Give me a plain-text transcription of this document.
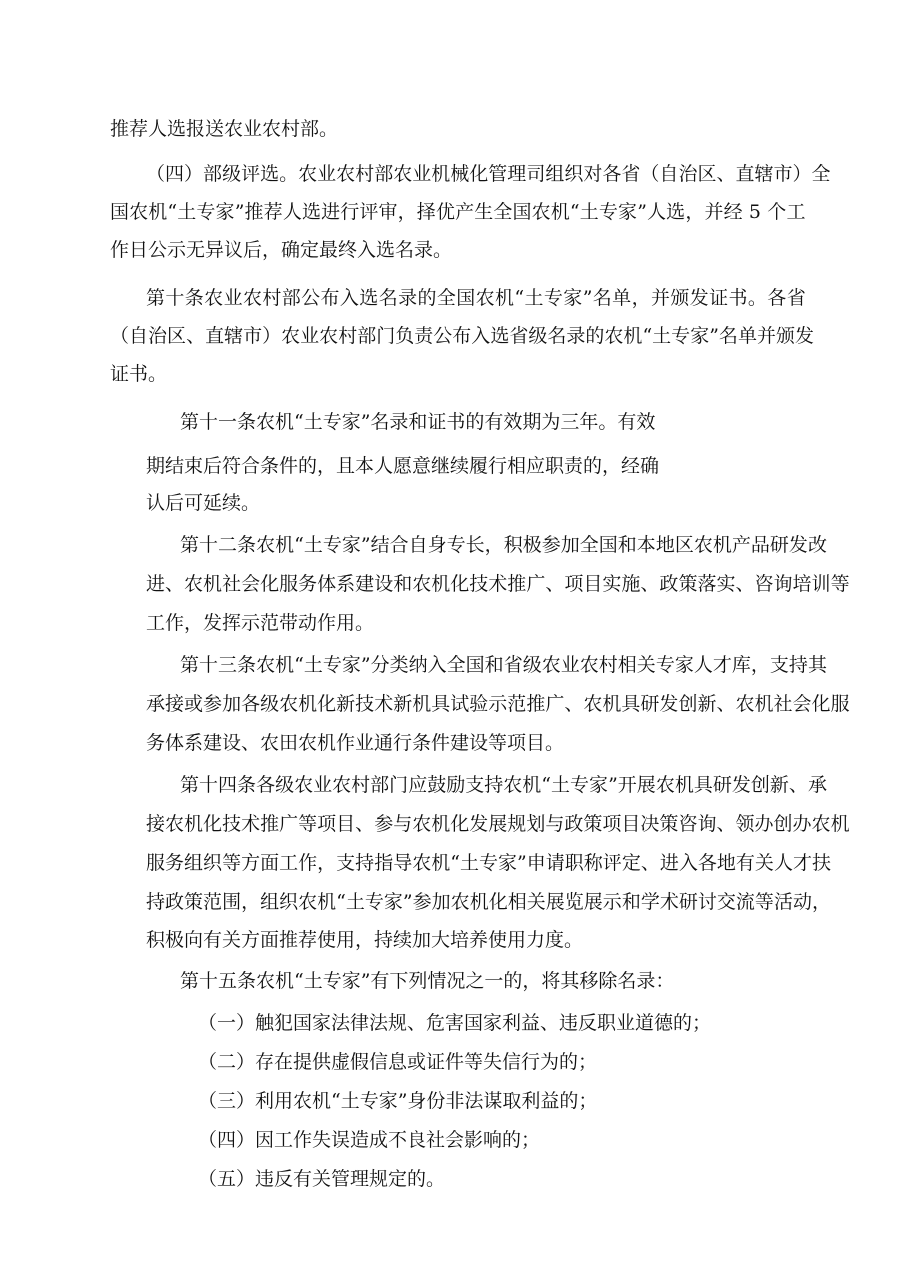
推荐人选报送农业农村部。
（ 四 ） 部 级 评 选 。 农 业 农 村 部 农 业 机 械 化 管 理 司 组 织 对 各 省 （ 自 治 区 、 直 辖 市 ） 全
国 农 机 “ 土 专 家 ” 推 荐 人 选 进 行 评 审 ， 择 优 产 生 全 国 农 机 “ 土 专 家 ” 人 选 ， 并 经
5
个 工
作日公示无异议后，确定最终入选名录。
第 十 条 农 业 农 村 部 公 布 入 选 名 录 的 全 国 农 机 “ 土 专 家 ” 名 单 ， 并 颁 发 证 书 。 各 省
（ 自 治 区 、 直 辖 市 ） 农 业 农 村 部 门 负 责 公 布 入 选 省 级 名 录 的 农 机 “ 土 专 家 ” 名 单 并 颁 发
证书。
第十一条农机“土专家”名录和证书的有效期为三年。有效
期结束后符合条件的，且本人愿意继续履行相应职责的，经确
认后可延续。
第 十 二 条 农 机 “ 土 专 家 ” 结 合 自 身 专 长 ， 积 极 参 加 全 国 和 本 地 区 农 机 产 品 研 发 改
进 、 农 机 社 会 化 服 务 体 系 建 设 和 农 机 化 技 术 推 广 、 项 目 实 施 、 政 策 落 实 、 咨 询 培 训 等
工作，发挥示范带动作用。
第 十 三 条 农 机 “ 土 专 家 ” 分 类 纳 入 全 国 和 省 级 农 业 农 村 相 关 专 家 人 才 库 ， 支 持 其
承 接 或 参 加 各 级 农 机 化 新 技 术 新 机 具 试 验 示 范 推 广 、 农 机 具 研 发 创 新 、 农 机 社 会 化 服
务体系建设、农田农机作业通行条件建设等项目。
第 十 四 条 各 级 农 业 农 村 部 门 应 鼓 励 支 持 农 机 “ 土 专 家 ” 开 展 农 机 具 研 发 创 新 、 承
接 农 机 化 技 术 推 广 等 项 目 、 参 与 农 机 化 发 展 规 划 与 政 策 项 目 决 策 咨 询 、 领 办 创 办 农 机
服 务 组 织 等 方 面 工 作 ， 支 持 指 导 农 机 “ 土 专 家 ” 申 请 职 称 评 定 、 进 入 各 地 有 关 人 才 扶
持 政 策 范 围 ， 组 织 农 机 “ 土 专 家 ” 参 加 农 机 化 相 关 展 览 展 示 和 学 术 研 讨 交 流 等 活 动 ，
积极向有关方面推荐使用，持续加大培养使用力度。
第十五条农机“土专家”有下列情况之一的，将其移除名录：
（一）触犯国家法律法规、危害国家利益、违反职业道德的；
（二）存在提供虚假信息或证件等失信行为的；
（三）利用农机“土专家”身份非法谋取利益的；
（四）因工作失误造成不良社会影响的；
（五）违反有关管理规定的。
